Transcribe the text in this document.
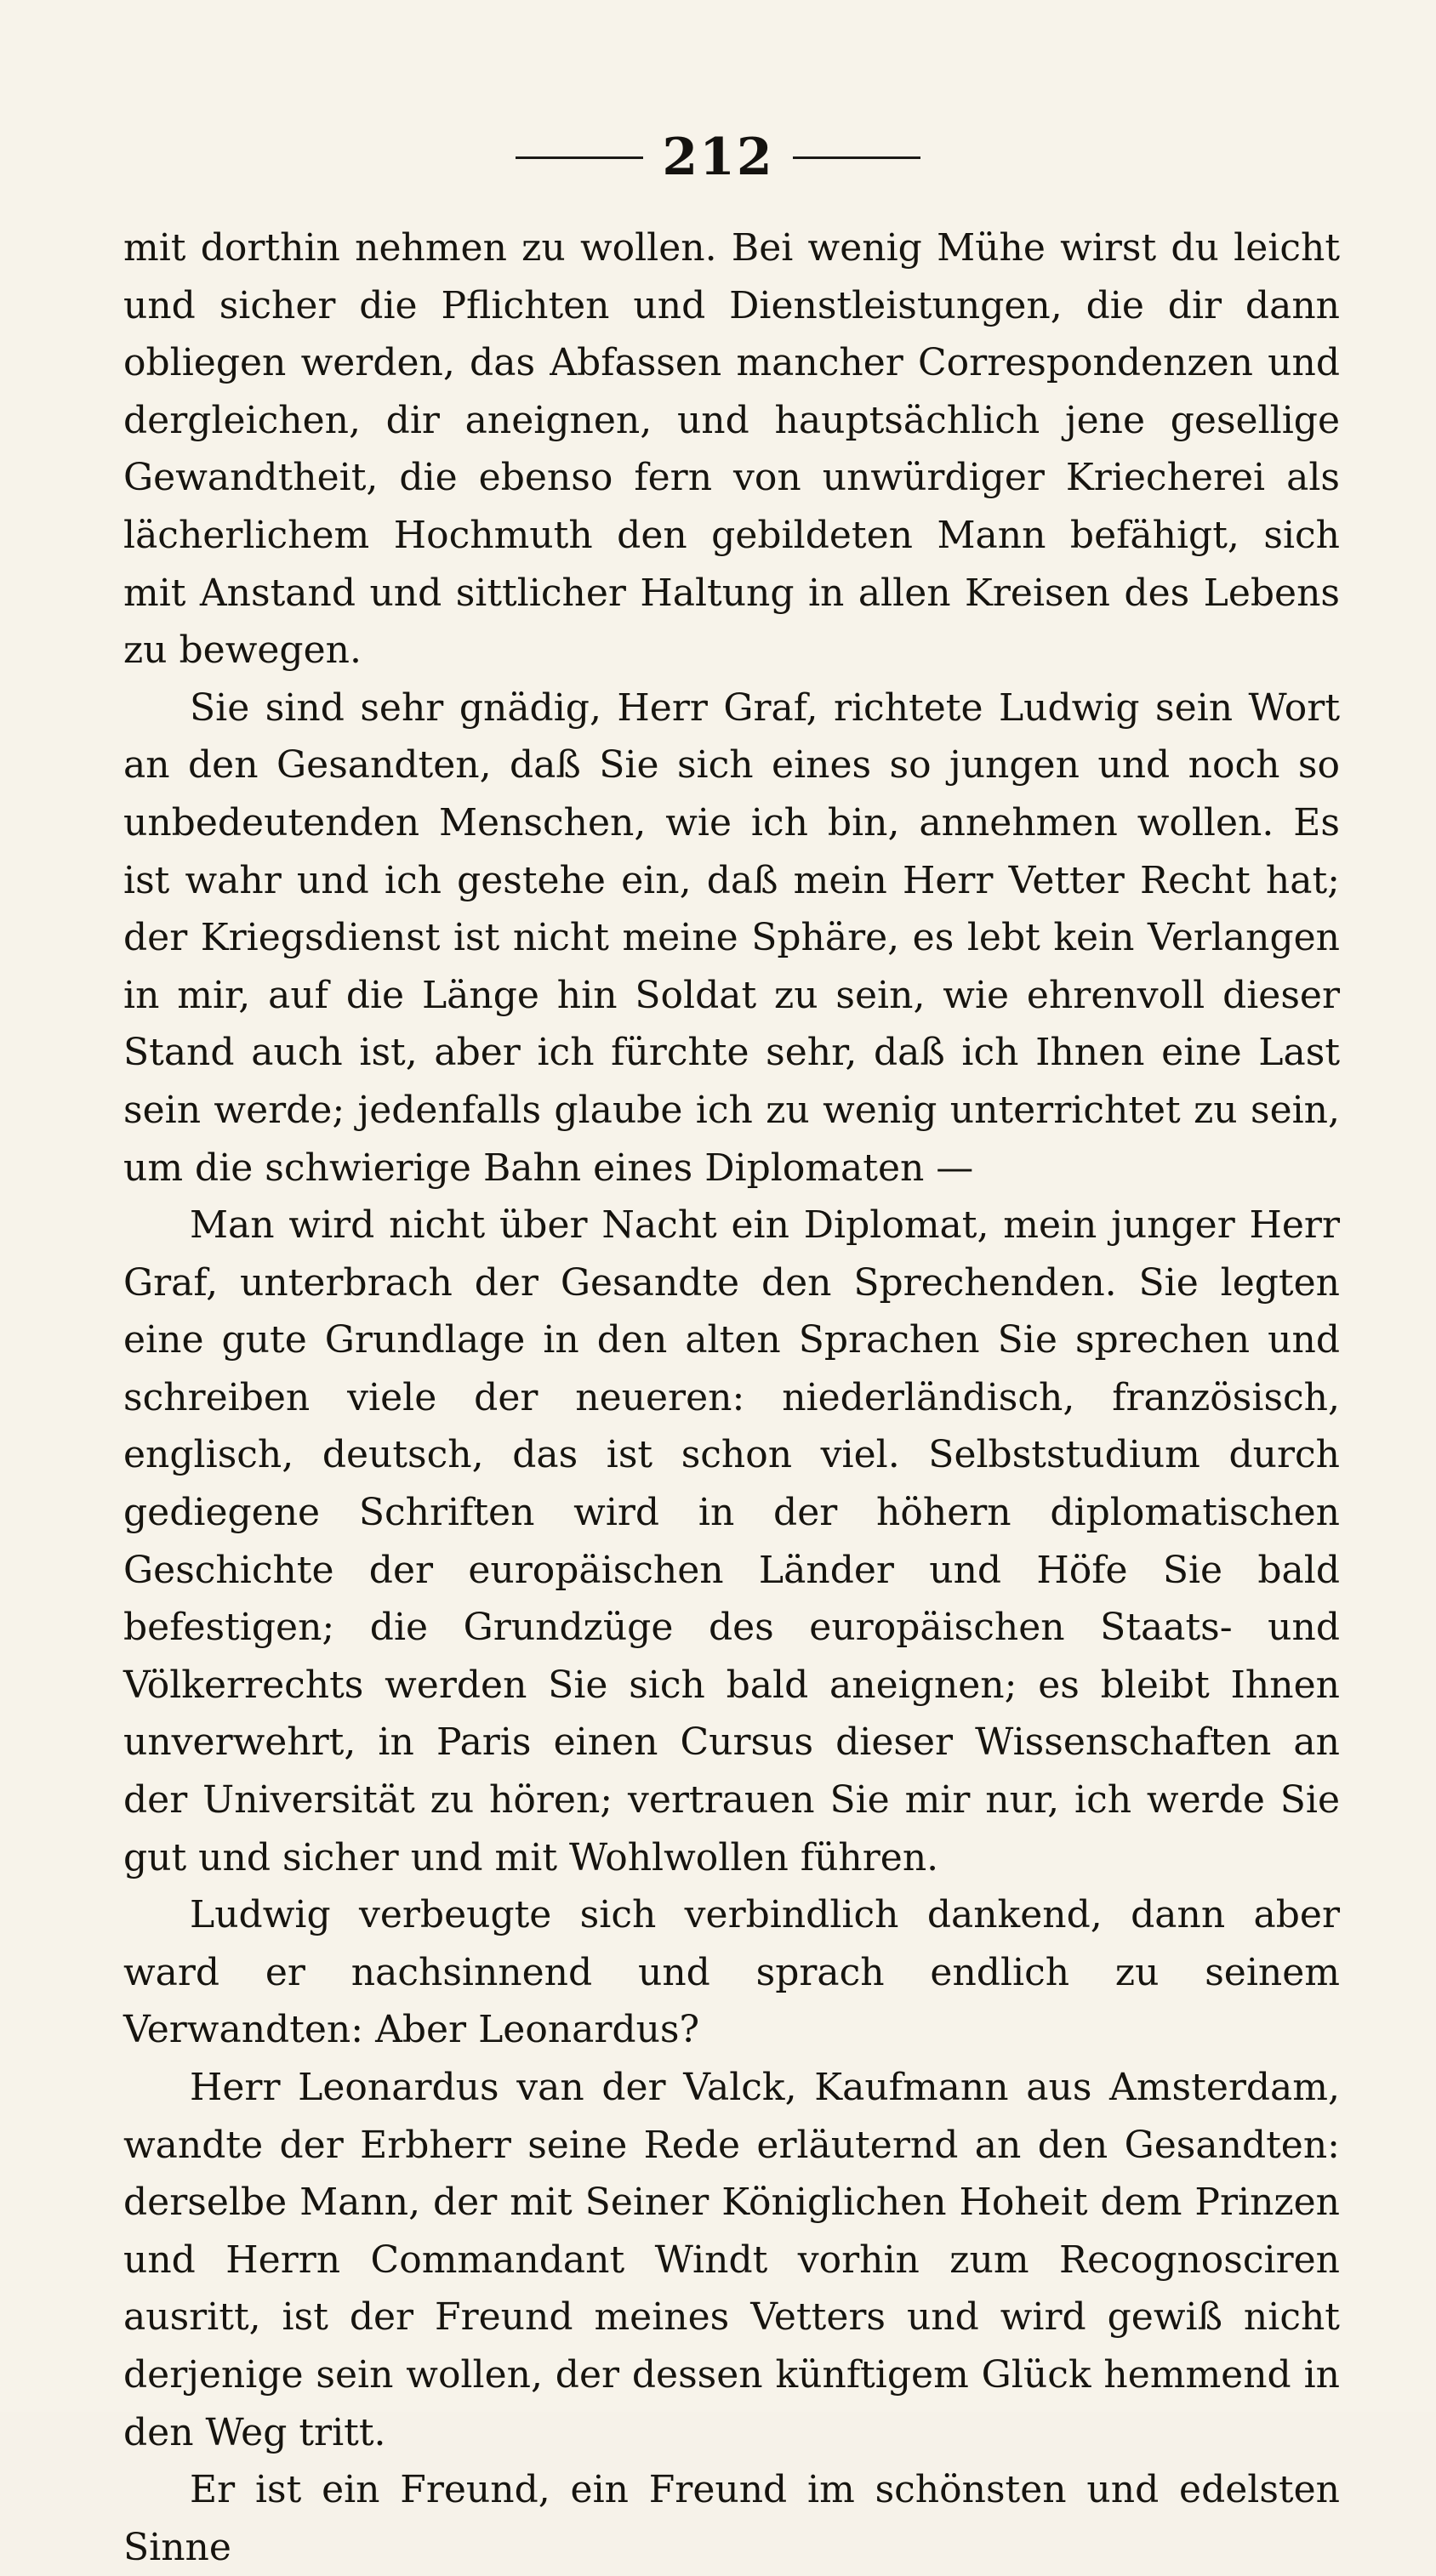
212

mit dorthin nehmen zu wollen. Bei wenig Mühe wirst du leicht und sicher die Pflichten und Dienstleistungen, die dir dann obliegen werden, das Abfassen mancher Correspondenzen und dergleichen, dir aneignen, und hauptsächlich jene gesellige Gewandtheit, die ebenso fern von unwürdiger Kriecherei als lächerlichem Hochmuth den gebildeten Mann befähigt, sich mit Anstand und sittlicher Haltung in allen Kreisen des Lebens zu bewegen.

Sie sind sehr gnädig, Herr Graf, richtete Ludwig sein Wort an den Gesandten, daß Sie sich eines so jungen und noch so unbedeutenden Menschen, wie ich bin, annehmen wollen. Es ist wahr und ich gestehe ein, daß mein Herr Vetter Recht hat; der Kriegsdienst ist nicht meine Sphäre, es lebt kein Verlangen in mir, auf die Länge hin Soldat zu sein, wie ehrenvoll dieser Stand auch ist, aber ich fürchte sehr, daß ich Ihnen eine Last sein werde; jedenfalls glaube ich zu wenig unterrichtet zu sein, um die schwierige Bahn eines Diplomaten —

Man wird nicht über Nacht ein Diplomat, mein junger Herr Graf, unterbrach der Gesandte den Sprechenden. Sie legten eine gute Grundlage in den alten Sprachen Sie sprechen und schreiben viele der neueren: niederländisch, französisch, englisch, deutsch, das ist schon viel. Selbststudium durch gediegene Schriften wird in der höhern diplomatischen Geschichte der europäischen Länder und Höfe Sie bald befestigen; die Grundzüge des europäischen Staats- und Völkerrechts werden Sie sich bald aneignen; es bleibt Ihnen unverwehrt, in Paris einen Cursus dieser Wissenschaften an der Universität zu hören; vertrauen Sie mir nur, ich werde Sie gut und sicher und mit Wohlwollen führen.

Ludwig verbeugte sich verbindlich dankend, dann aber ward er nachsinnend und sprach endlich zu seinem Verwandten: Aber Leonardus?

Herr Leonardus van der Valck, Kaufmann aus Amsterdam, wandte der Erbherr seine Rede erläuternd an den Gesandten: derselbe Mann, der mit Seiner Königlichen Hoheit dem Prinzen und Herrn Commandant Windt vorhin zum Recognosciren ausritt, ist der Freund meines Vetters und wird gewiß nicht derjenige sein wollen, der dessen künftigem Glück hemmend in den Weg tritt.

Er ist ein Freund, ein Freund im schönsten und edelsten Sinne
